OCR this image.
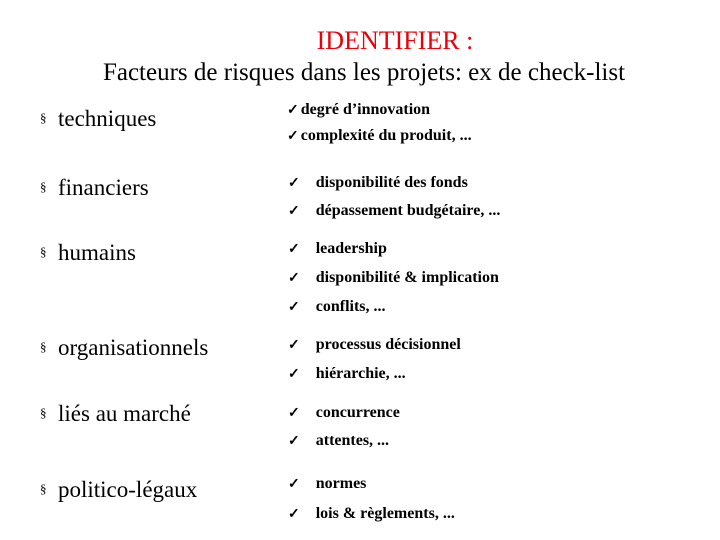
IDENTIFIER :
Facteurs de risques dans les projets: ex de check-list
§ techniques	✓ degré d’innovation
✓ complexité du produit, ...
§ financiers	✓ disponibilité des fonds
✓ dépassement budgétaire, ...
§ humains	✓ leadership
✓ disponibilité & implication
✓ conflits, ...
§ organisationnels	✓ processus décisionnel
✓ hiérarchie, ...
§ liés au marché	✓ concurrence
✓ attentes, ...
§ politico-légaux	✓ normes
✓ lois & règlements, ...
